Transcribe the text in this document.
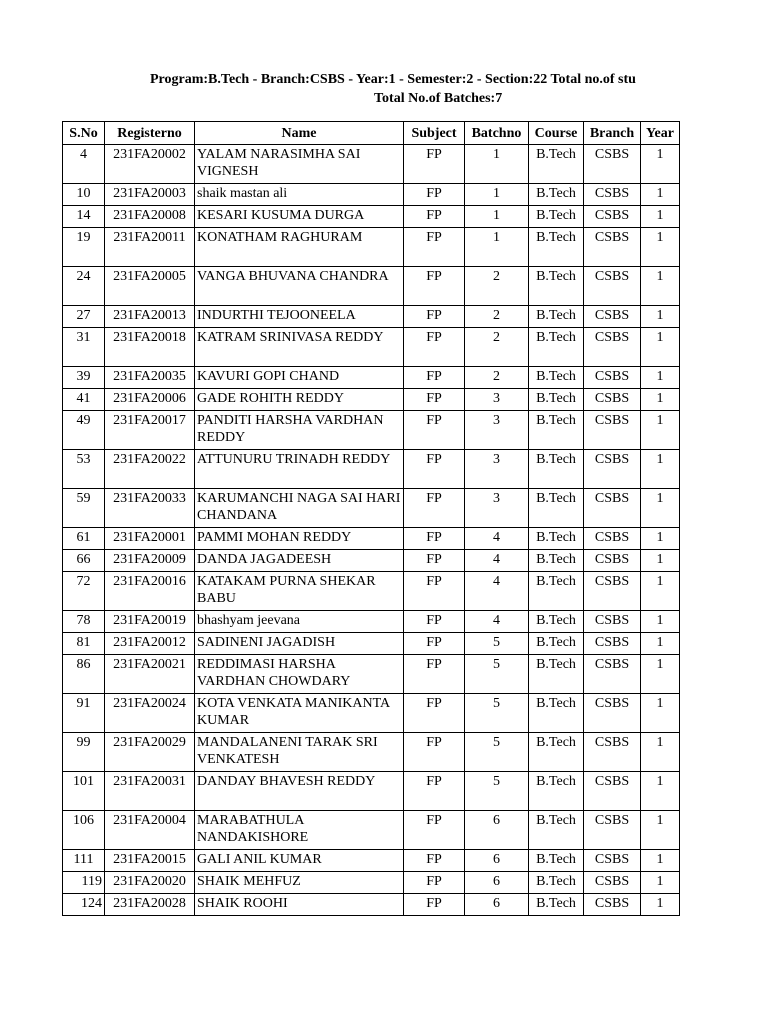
Program:B.Tech - Branch:CSBS - Year:1 - Semester:2 - Section:22 Total no.of stu
Total No.of Batches:7
S.No	Registerno	Name	Subject	Batchno	Course	Branch	Year
4	231FA20002	YALAM NARASIMHA SAI VIGNESH	FP	1	B.Tech	CSBS	1
10	231FA20003	shaik mastan ali	FP	1	B.Tech	CSBS	1
14	231FA20008	KESARI KUSUMA DURGA	FP	1	B.Tech	CSBS	1
19	231FA20011	KONATHAM RAGHURAM	FP	1	B.Tech	CSBS	1
24	231FA20005	VANGA BHUVANA CHANDRA	FP	2	B.Tech	CSBS	1
27	231FA20013	INDURTHI TEJOONEELA	FP	2	B.Tech	CSBS	1
31	231FA20018	KATRAM SRINIVASA REDDY	FP	2	B.Tech	CSBS	1
39	231FA20035	KAVURI GOPI CHAND	FP	2	B.Tech	CSBS	1
41	231FA20006	GADE ROHITH REDDY	FP	3	B.Tech	CSBS	1
49	231FA20017	PANDITI HARSHA VARDHAN REDDY	FP	3	B.Tech	CSBS	1
53	231FA20022	ATTUNURU TRINADH REDDY	FP	3	B.Tech	CSBS	1
59	231FA20033	KARUMANCHI NAGA SAI HARI CHANDANA	FP	3	B.Tech	CSBS	1
61	231FA20001	PAMMI MOHAN REDDY	FP	4	B.Tech	CSBS	1
66	231FA20009	DANDA JAGADEESH	FP	4	B.Tech	CSBS	1
72	231FA20016	KATAKAM PURNA SHEKAR BABU	FP	4	B.Tech	CSBS	1
78	231FA20019	bhashyam jeevana	FP	4	B.Tech	CSBS	1
81	231FA20012	SADINENI JAGADISH	FP	5	B.Tech	CSBS	1
86	231FA20021	REDDIMASI HARSHA VARDHAN CHOWDARY	FP	5	B.Tech	CSBS	1
91	231FA20024	KOTA VENKATA MANIKANTA KUMAR	FP	5	B.Tech	CSBS	1
99	231FA20029	MANDALANENI TARAK SRI VENKATESH	FP	5	B.Tech	CSBS	1
101	231FA20031	DANDAY BHAVESH REDDY	FP	5	B.Tech	CSBS	1
106	231FA20004	MARABATHULA NANDAKISHORE	FP	6	B.Tech	CSBS	1
111	231FA20015	GALI ANIL KUMAR	FP	6	B.Tech	CSBS	1
119	231FA20020	SHAIK MEHFUZ	FP	6	B.Tech	CSBS	1
124	231FA20028	SHAIK ROOHI	FP	6	B.Tech	CSBS	1
